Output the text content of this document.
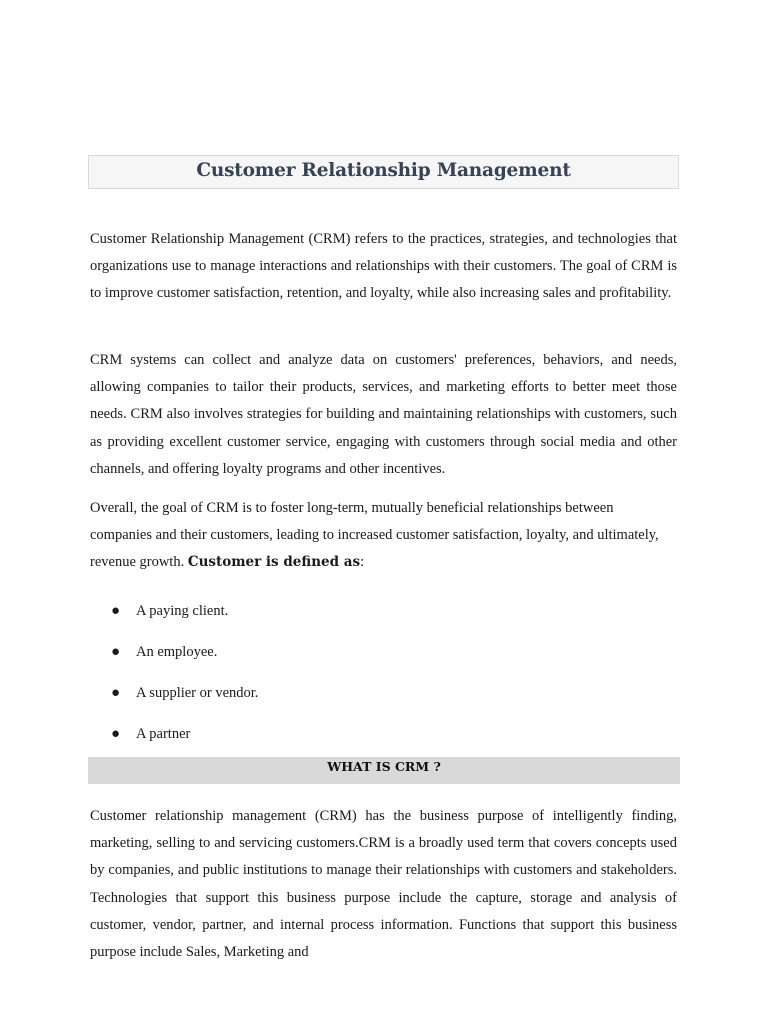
Customer Relationship Management

Customer Relationship Management (CRM) refers to the practices, strategies, and technologies that organizations use to manage interactions and relationships with their customers. The goal of CRM is to improve customer satisfaction, retention, and loyalty, while also increasing sales and profitability.

CRM systems can collect and analyze data on customers' preferences, behaviors, and needs, allowing companies to tailor their products, services, and marketing efforts to better meet those needs. CRM also involves strategies for building and maintaining relationships with customers, such as providing excellent customer service, engaging with customers through social media and other channels, and offering loyalty programs and other incentives.

Overall, the goal of CRM is to foster long-term, mutually beneficial relationships between companies and their customers, leading to increased customer satisfaction, loyalty, and ultimately, revenue growth. Customer is defined as:

● A paying client.
● An employee.
● A supplier or vendor.
● A partner
WHAT IS CRM ?

Customer relationship management (CRM) has the business purpose of intelligently finding, marketing, selling to and servicing customers.CRM is a broadly used term that covers concepts used by companies, and public institutions to manage their relationships with customers and stakeholders. Technologies that support this business purpose include the capture, storage and analysis of customer, vendor, partner, and internal process information. Functions that support this business purpose include Sales, Marketing and
